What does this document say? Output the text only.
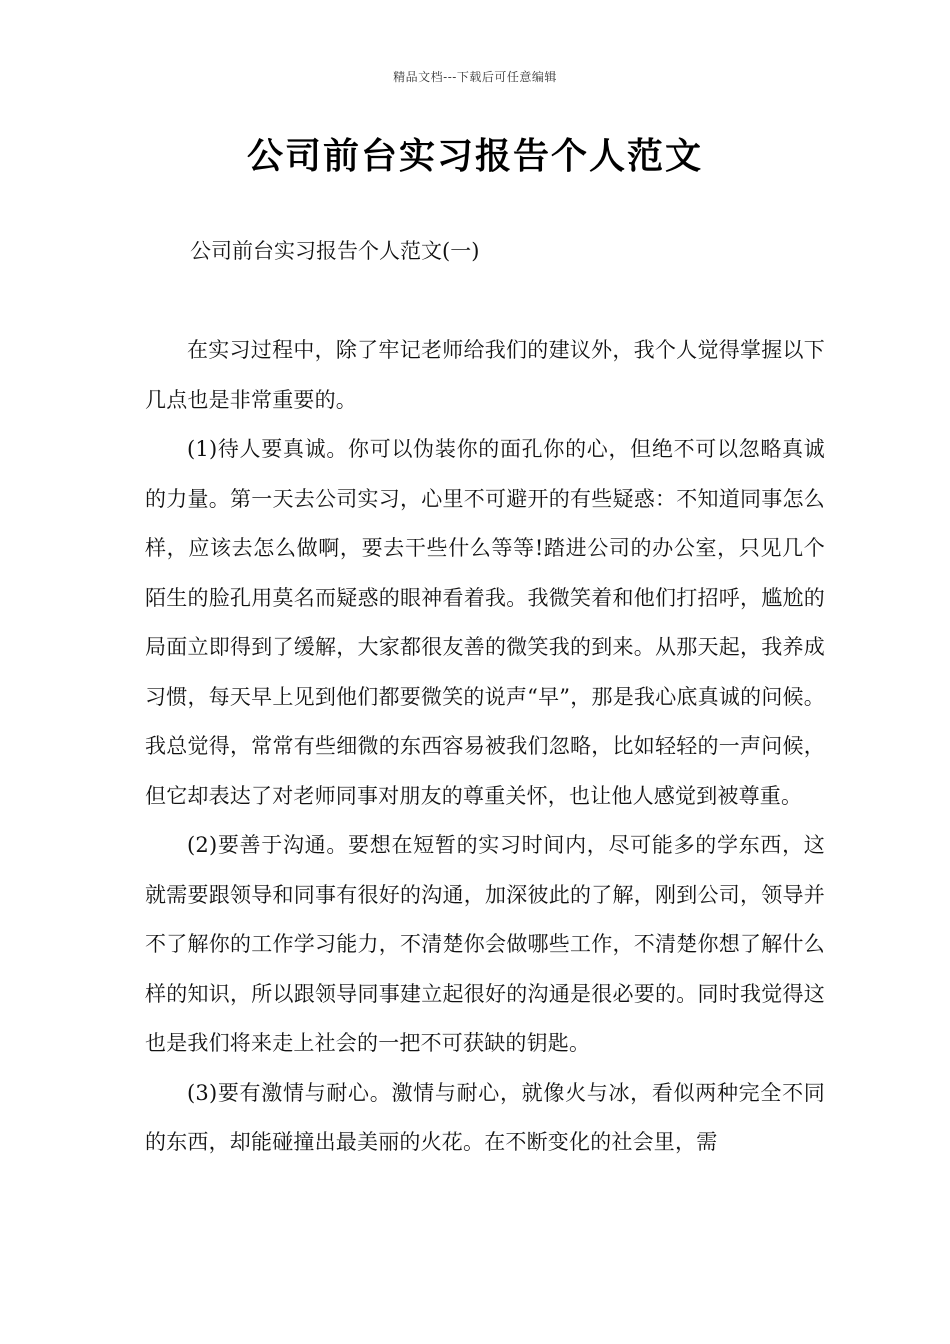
精品文档---下载后可任意编辑
公司前台实习报告个人范文

公司前台实习报告个人范文(一)

在实习过程中，除了牢记老师给我们的建议外，我个人觉得掌握以下几点也是非常重要的。

(1)待人要真诚。你可以伪装你的面孔你的心，但绝不可以忽略真诚的力量。第一天去公司实习，心里不可避开的有些疑惑：不知道同事怎么样，应该去怎么做啊，要去干些什么等等!踏进公司的办公室，只见几个陌生的脸孔用莫名而疑惑的眼神看着我。我微笑着和他们打招呼，尴尬的局面立即得到了缓解，大家都很友善的微笑我的到来。从那天起，我养成习惯，每天早上见到他们都要微笑的说声“早”，那是我心底真诚的问候。我总觉得，常常有些细微的东西容易被我们忽略，比如轻轻的一声问候，但它却表达了对老师同事对朋友的尊重关怀，也让他人感觉到被尊重。

(2)要善于沟通。要想在短暂的实习时间内，尽可能多的学东西，这就需要跟领导和同事有很好的沟通，加深彼此的了解，刚到公司，领导并不了解你的工作学习能力，不清楚你会做哪些工作，不清楚你想了解什么样的知识，所以跟领导同事建立起很好的沟通是很必要的。同时我觉得这也是我们将来走上社会的一把不可获缺的钥匙。

(3)要有激情与耐心。激情与耐心，就像火与冰，看似两种完全不同的东西，却能碰撞出最美丽的火花。在不断变化的社会里，需
